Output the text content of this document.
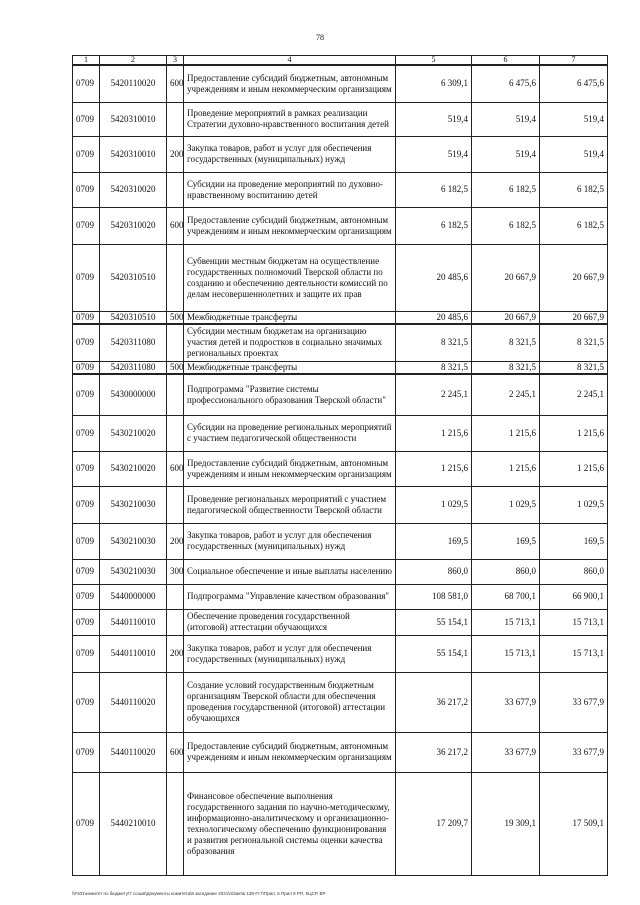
78
1	2	3	4	5	6	7
0709	5420110020	600	Предоставление субсидий бюджетным, автономным учреждениям и иным некоммерческим организациям	6 309,1	6 475,6	6 475,6
0709	5420310010		Проведение мероприятий в рамках реализации Стратегии духовно-нравственного воспитания детей	519,4	519,4	519,4
0709	5420310010	200	Закупка товаров, работ и услуг для обеспечения государственных (муниципальных) нужд	519,4	519,4	519,4
0709	5420310020		Субсидии на проведение мероприятий по духовно-нравственному воспитанию детей	6 182,5	6 182,5	6 182,5
0709	5420310020	600	Предоставление субсидий бюджетным, автономным учреждениям и иным некоммерческим организациям	6 182,5	6 182,5	6 182,5
0709	5420310510		Субвенции местным бюджетам на осуществление государственных полномочий Тверской области по созданию и обеспечению деятельности комиссий по делам несовершеннолетних и защите их прав	20 485,6	20 667,9	20 667,9
0709	5420310510	500	Межбюджетные трансферты	20 485,6	20 667,9	20 667,9
0709	5420311080		Субсидии местным бюджетам на организацию участия детей и подростков в социально значимых региональных проектах	8 321,5	8 321,5	8 321,5
0709	5420311080	500	Межбюджетные трансферты	8 321,5	8 321,5	8 321,5
0709	5430000000		Подпрограмма "Развитие системы профессионального образования Тверской области"	2 245,1	2 245,1	2 245,1
0709	5430210020		Субсидии на проведение региональных мероприятий с участием педагогической общественности	1 215,6	1 215,6	1 215,6
0709	5430210020	600	Предоставление субсидий бюджетным, автономным учреждениям и иным некоммерческим организациям	1 215,6	1 215,6	1 215,6
0709	5430210030		Проведение региональных мероприятий с участием педагогической общественности Тверской области	1 029,5	1 029,5	1 029,5
0709	5430210030	200	Закупка товаров, работ и услуг для обеспечения государственных (муниципальных) нужд	169,5	169,5	169,5
0709	5430210030	300	Социальное обеспечение и иные выплаты населению	860,0	860,0	860,0
0709	5440000000		Подпрограмма "Управление качеством образования"	108 581,0	68 700,1	66 900,1
0709	5440110010		Обеспечение проведения государственной (итоговой) аттестации обучающихся	55 154,1	15 713,1	15 713,1
0709	5440110010	200	Закупка товаров, работ и услуг для обеспечения государственных (муниципальных) нужд	55 154,1	15 713,1	15 713,1
0709	5440110020		Создание условий государственным бюджетным организациям Тверской области для обеспечения проведения государственной (итоговой) аттестации обучающихся	36 217,2	33 677,9	33 677,9
0709	5440110020	600	Предоставление субсидий бюджетным, автономным учреждениям и иным некоммерческим организациям	36 217,2	33 677,9	33 677,9
0709	5440210010		Финансовое обеспечение выполнения государственного задания по научно-методическому, информационно-аналитическому и организационно-технологическому обеспечению функционирования и развития региональной системы оценки качества образования	17 209,7	19 309,1	17 509,1
\\Fs01\комитет по бюджету\7 созыв\Документы комитета\8 заседание 2021\п\Зак№ 139-П-7\Прил. 5 Прил 8 РП, КЦСР, ВР
